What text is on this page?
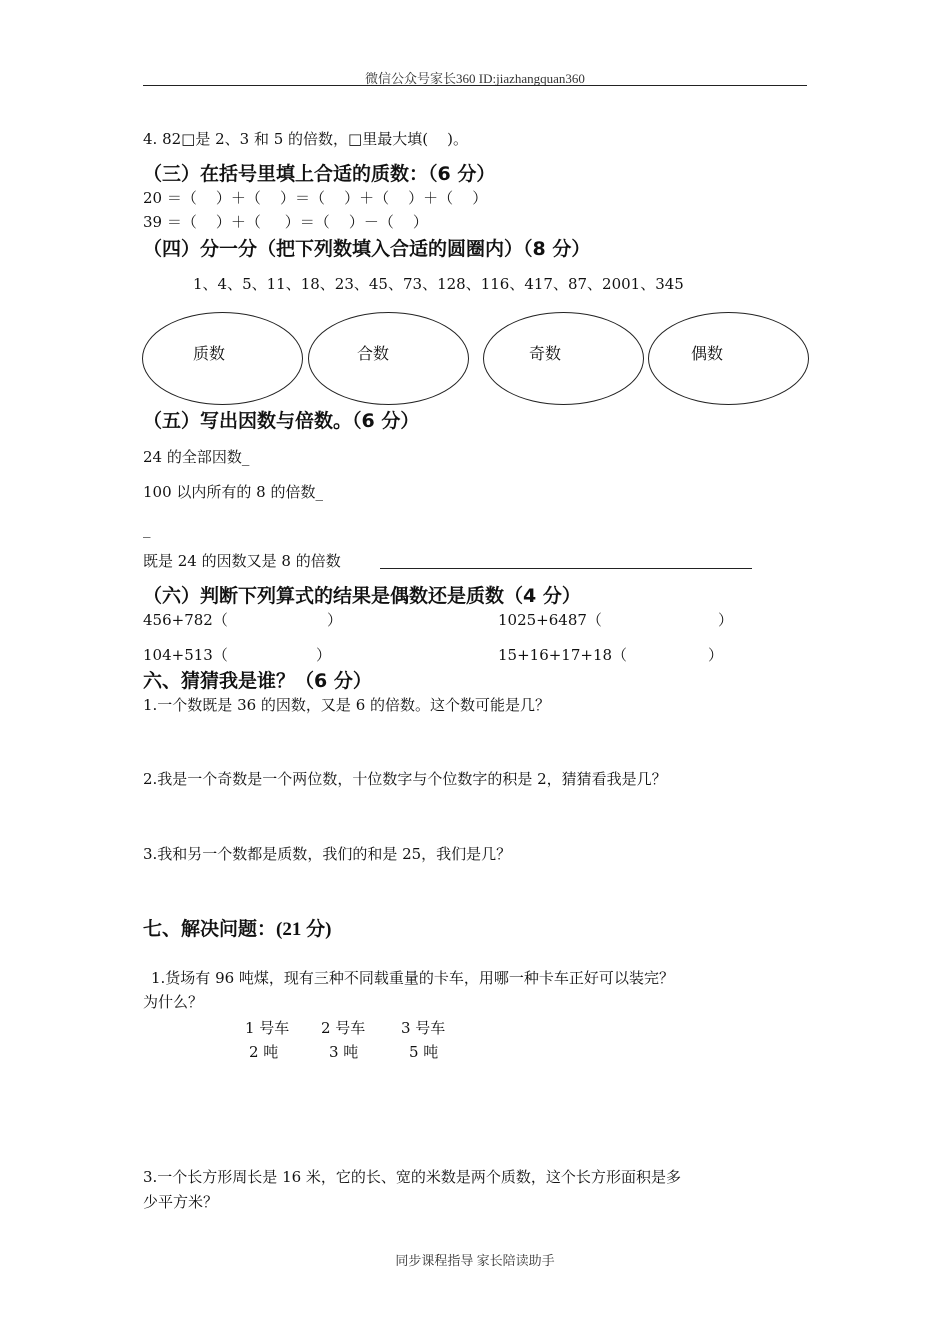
微信公众号家长360 ID:jiazhangquan360
4. 82□是 2、3 和 5 的倍数，□里最大填(    )。
（三）在括号里填上合适的质数：（6 分）
20 ＝（    ）＋（    ）＝（    ）＋（    ）＋（    ）
39 ＝（    ）＋（     ）＝（    ）－（    ）
（四）分一分（把下列数填入合适的圆圈内）（8 分）
1、4、5、11、18、23、45、73、128、116、417、87、2001、345
质数	合数	奇数	偶数
（五）写出因数与倍数。（6 分）
24 的全部因数_
100 以内所有的 8 的倍数_
_
既是 24 的因数又是 8 的倍数
（六）判断下列算式的结果是偶数还是质数（4 分）
456+782（	）	1025+6487（	）
104+513（	）	15+16+17+18（	）
六、猜猜我是谁？（6 分）
1.一个数既是 36 的因数，又是 6 的倍数。这个数可能是几？
2.我是一个奇数是一个两位数，十位数字与个位数字的积是 2，猜猜看我是几？
3.我和另一个数都是质数，我们的和是 25，我们是几？
七、解决问题：(21 分)
1.货场有 96 吨煤，现有三种不同载重量的卡车，用哪一种卡车正好可以装完？
为什么？
1 号车 2 号车 3 号车
2 吨	3 吨	5 吨
3.一个长方形周长是 16 米，它的长、宽的米数是两个质数，这个长方形面积是多
少平方米？
同步课程指导 家长陪读助手
